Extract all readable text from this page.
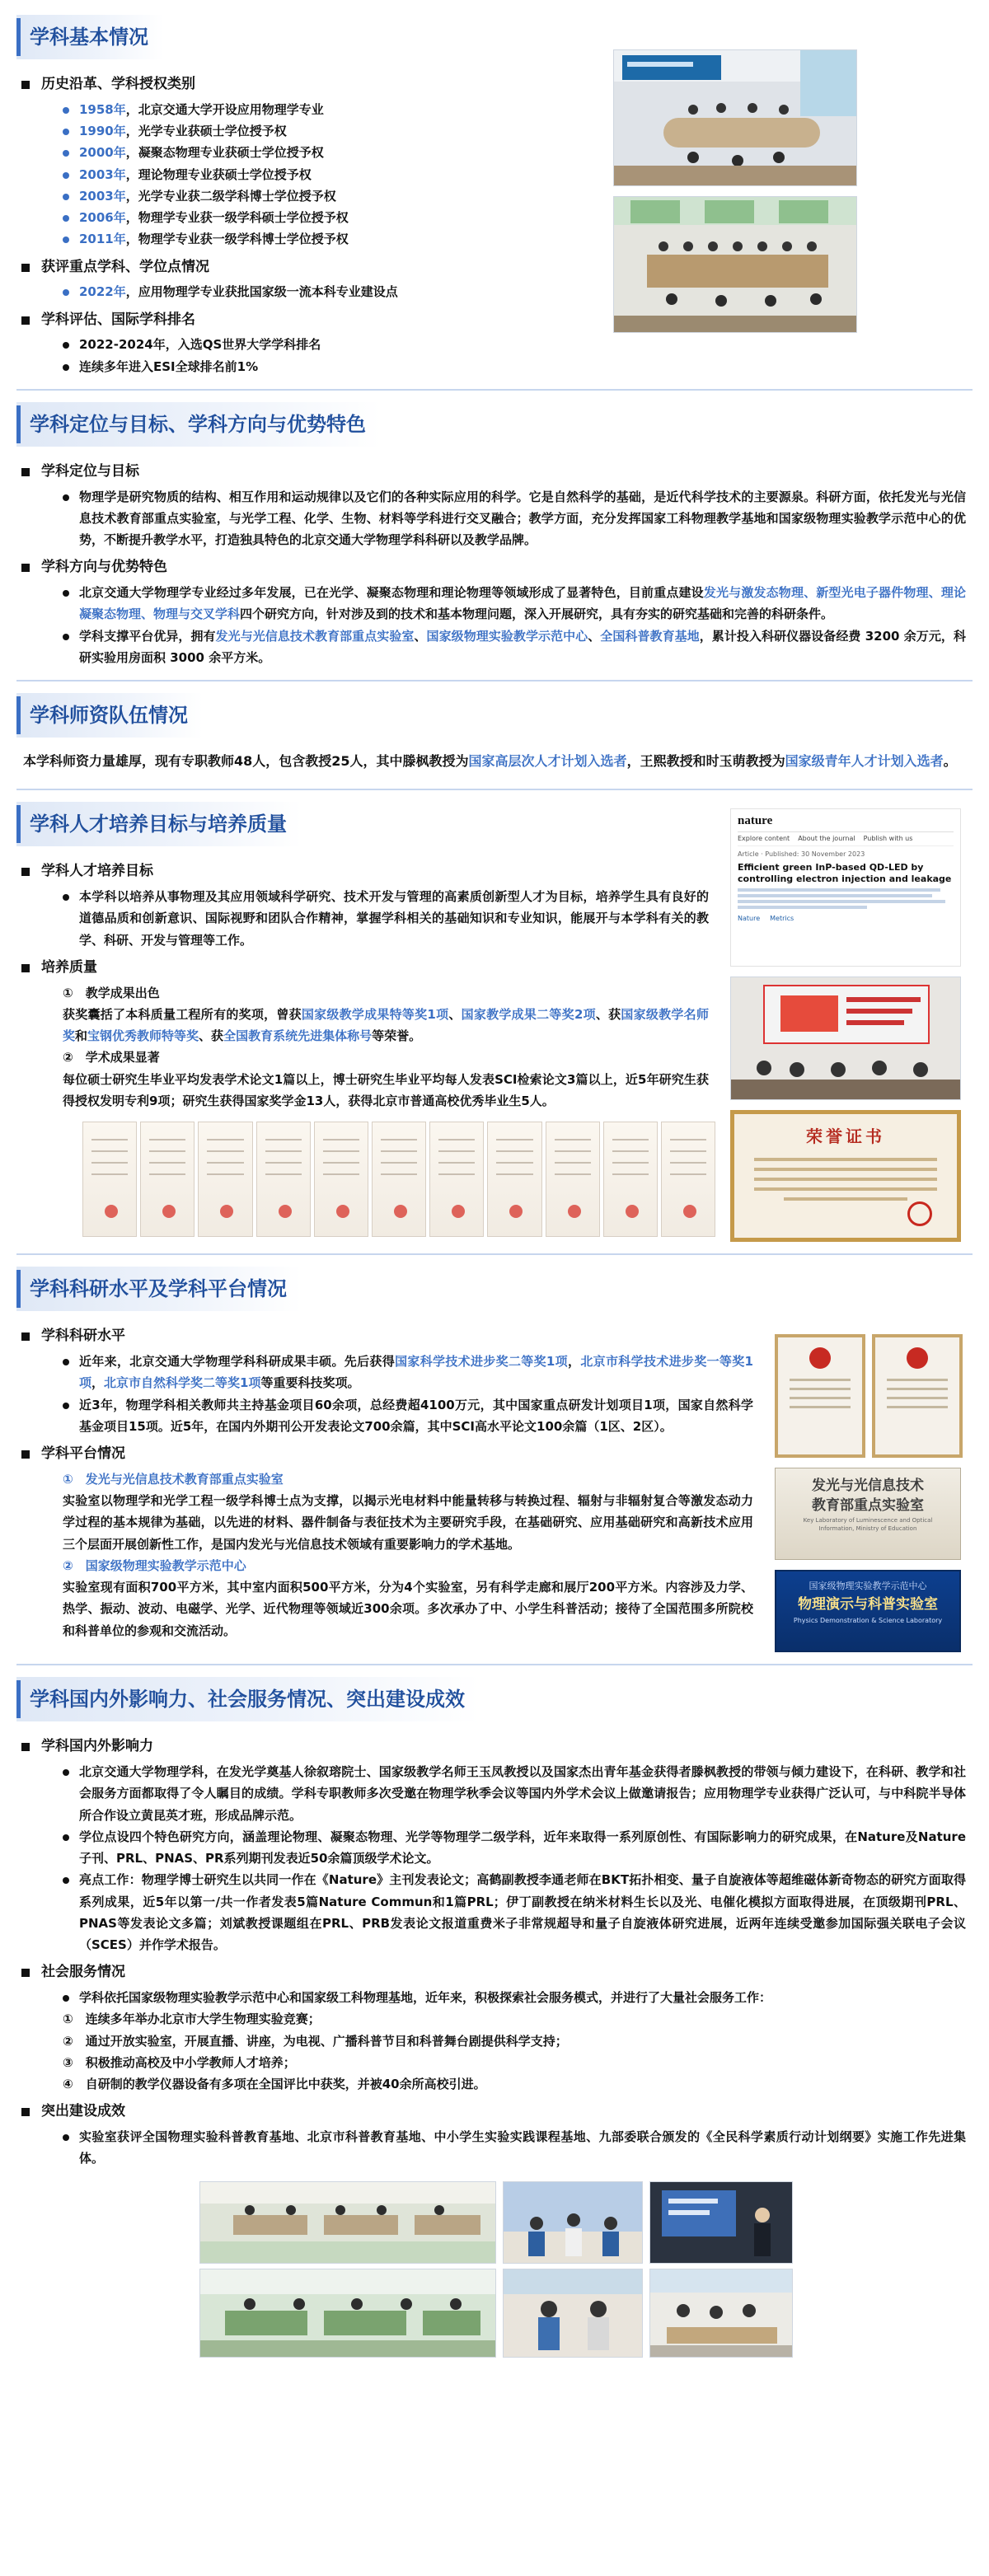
学科基本情况
历史沿革、学科授权类别
1958年，北京交通大学开设应用物理学专业
1990年，光学专业获硕士学位授予权
2000年，凝聚态物理专业获硕士学位授予权
2003年，理论物理专业获硕士学位授予权
2003年，光学专业获二级学科博士学位授予权
2006年，物理学专业获一级学科硕士学位授予权
2011年，物理学专业获一级学科博士学位授予权
获评重点学科、学位点情况
2022年，应用物理学专业获批国家级一流本科专业建设点
学科评估、国际学科排名
2022-2024年，入选QS世界大学学科排名
连续多年进入ESI全球排名前1%
学科定位与目标、学科方向与优势特色
学科定位与目标
物理学是研究物质的结构、相互作用和运动规律以及它们的各种实际应用的科学。它是自然科学的基础，是近代科学技术的主要源泉。科研方面，依托发光与光信息技术教育部重点实验室，与光学工程、化学、生物、材料等学科进行交叉融合；教学方面，充分发挥国家工科物理教学基地和国家级物理实验教学示范中心的优势，不断提升教学水平，打造独具特色的北京交通大学物理学科科研以及教学品牌。
学科方向与优势特色
北京交通大学物理学专业经过多年发展，已在光学、凝聚态物理和理论物理等领域形成了显著特色，目前重点建设发光与激发态物理、新型光电子器件物理、理论凝聚态物理、物理与交叉学科四个研究方向，针对涉及到的技术和基本物理问题，深入开展研究，具有夯实的研究基础和完善的科研条件。
学科支撑平台优异，拥有发光与光信息技术教育部重点实验室、国家级物理实验教学示范中心、全国科普教育基地，累计投入科研仪器设备经费 3200 余万元，科研实验用房面积 3000 余平方米。
学科师资队伍情况
本学科师资力量雄厚，现有专职教师48人，包含教授25人，其中滕枫教授为国家高层次人才计划入选者，王熙教授和时玉萌教授为国家级青年人才计划入选者。
学科人才培养目标与培养质量
学科人才培养目标
本学科以培养从事物理及其应用领域科学研究、技术开发与管理的高素质创新型人才为目标，培养学生具有良好的道德品质和创新意识、国际视野和团队合作精神，掌握学科相关的基础知识和专业知识，能展开与本学科有关的教学、科研、开发与管理等工作。
培养质量
①　教学成果出色
获奖囊括了本科质量工程所有的奖项，曾获国家级教学成果特等奖1项、国家教学成果二等奖2项、获国家级教学名师奖和宝钢优秀教师特等奖、获全国教育系统先进集体称号等荣誉。
②　学术成果显著
每位硕士研究生毕业平均发表学术论文1篇以上，博士研究生毕业平均每人发表SCI检索论文3篇以上，近5年研究生获得授权发明专利9项；研究生获得国家奖学金13人，获得北京市普通高校优秀毕业生5人。
nature
Explore content About the journal Publish with us
Article · Published: 30 November 2023
Efficient green InP-based QD-LED by controlling electron injection and leakage
Nature Metrics
荣誉证书
学科科研水平及学科平台情况
学科科研水平
近年来，北京交通大学物理学科科研成果丰硕。先后获得国家科学技术进步奖二等奖1项，北京市科学技术进步奖一等奖1项，北京市自然科学奖二等奖1项等重要科技奖项。
近3年，物理学科相关教师共主持基金项目60余项，总经费超4100万元，其中国家重点研发计划项目1项，国家自然科学基金项目15项。近5年，在国内外期刊公开发表论文700余篇，其中SCI高水平论文100余篇（1区、2区）。
学科平台情况
①　发光与光信息技术教育部重点实验室
实验室以物理学和光学工程一级学科博士点为支撑，以揭示光电材料中能量转移与转换过程、辐射与非辐射复合等激发态动力学过程的基本规律为基础，以先进的材料、器件制备与表征技术为主要研究手段，在基础研究、应用基础研究和高新技术应用三个层面开展创新性工作，是国内发光与光信息技术领域有重要影响力的学术基地。
②　国家级物理实验教学示范中心
实验室现有面积700平方米，其中室内面积500平方米，分为4个实验室，另有科学走廊和展厅200平方米。内容涉及力学、热学、振动、波动、电磁学、光学、近代物理等领域近300余项。多次承办了中、小学生科普活动；接待了全国范围多所院校和科普单位的参观和交流活动。
发光与光信息技术
教育部重点实验室
Key Laboratory of Luminescence and Optical
Information, Ministry of Education
国家级物理实验教学示范中心
物理演示与科普实验室
Physics Demonstration & Science Laboratory
学科国内外影响力、社会服务情况、突出建设成效
学科国内外影响力
北京交通大学物理学科，在发光学奠基人徐叙瑢院士、国家级教学名师王玉凤教授以及国家杰出青年基金获得者滕枫教授的带领与倾力建设下，在科研、教学和社会服务方面都取得了令人瞩目的成绩。学科专职教师多次受邀在物理学秋季会议等国内外学术会议上做邀请报告；应用物理学专业获得广泛认可，与中科院半导体所合作设立黄昆英才班，形成品牌示范。
学位点设四个特色研究方向，涵盖理论物理、凝聚态物理、光学等物理学二级学科，近年来取得一系列原创性、有国际影响力的研究成果，在Nature及Nature子刊、PRL、PNAS、PR系列期刊发表近50余篇顶级学术论文。
亮点工作：物理学博士研究生以共同一作在《Nature》主刊发表论文；高鹤副教授李通老师在BKT拓扑相变、量子自旋液体等超维磁体新奇物态的研究方面取得系列成果，近5年以第一/共一作者发表5篇Nature Commun和1篇PRL；伊丁副教授在纳米材料生长以及光、电催化模拟方面取得进展，在顶级期刊PRL、PNAS等发表论文多篇；刘斌教授课题组在PRL、PRB发表论文报道重费米子非常规超导和量子自旋液体研究进展，近两年连续受邀参加国际强关联电子会议（SCES）并作学术报告。
社会服务情况
学科依托国家级物理实验教学示范中心和国家级工科物理基地，近年来，积极探索社会服务模式，并进行了大量社会服务工作：
①　连续多年举办北京市大学生物理实验竞赛；
②　通过开放实验室，开展直播、讲座，为电视、广播科普节目和科普舞台剧提供科学支持；
③　积极推动高校及中小学教师人才培养；
④　自研制的教学仪器设备有多项在全国评比中获奖，并被40余所高校引进。
突出建设成效
实验室获评全国物理实验科普教育基地、北京市科普教育基地、中小学生实验实践课程基地、九部委联合颁发的《全民科学素质行动计划纲要》实施工作先进集体。
